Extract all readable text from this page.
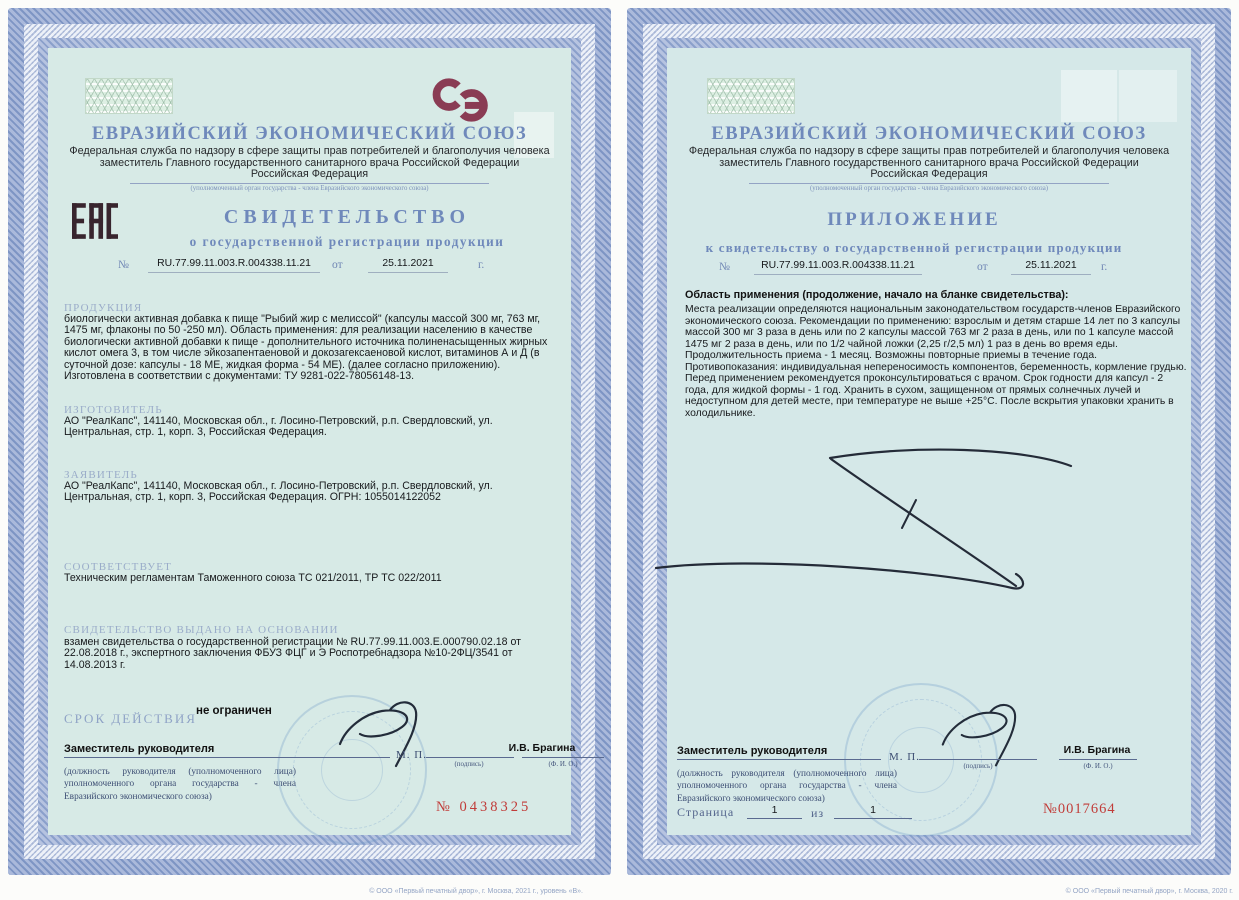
ЕВРАЗИЙСКИЙ ЭКОНОМИЧЕСКИЙ СОЮЗ
Федеральная служба по надзору в сфере защиты прав потребителей и благополучия человека
заместитель Главного государственного санитарного врача Российской Федерации
Российская Федерация
(уполномоченный орган государства - члена Евразийского экономического союза)
СВИДЕТЕЛЬСТВО
о государственной регистрации продукции
№	RU.77.99.11.003.R.004338.11.21	от	25.11.2021	г.
ПРОДУКЦИЯ
биологически активная добавка к пище "Рыбий жир с мелиссой" (капсулы массой 300 мг, 763 мг, 1475 мг, флаконы по 50 -250 мл). Область применения: для реализации населению в качестве биологически активной добавки к пище - дополнительного источника полиненасыщенных жирных кислот омега 3, в том числе эйкозапентаеновой и докозагексаеновой кислот, витаминов А и Д (в суточной дозе: капсулы - 18 МЕ, жидкая форма - 54 МЕ). (далее согласно приложению). Изготовлена в соответствии с документами: ТУ 9281-022-78056148-13.
ИЗГОТОВИТЕЛЬ
АО "РеалКапс", 141140, Московская обл., г. Лосино-Петровский, р.п. Свердловский, ул. Центральная, стр. 1, корп. 3, Российская Федерация.
ЗАЯВИТЕЛЬ
АО "РеалКапс", 141140, Московская обл., г. Лосино-Петровский, р.п. Свердловский, ул. Центральная, стр. 1, корп. 3, Российская Федерация. ОГРН: 1055014122052
СООТВЕТСТВУЕТ
Техническим регламентам Таможенного союза ТС 021/2011, ТР ТС 022/2011
СВИДЕТЕЛЬСТВО ВЫДАНО НА ОСНОВАНИИ
взамен свидетельства о государственной регистрации № RU.77.99.11.003.Е.000790.02.18 от 22.08.2018 г., экспертного заключения ФБУЗ ФЦГ и Э Роспотребнадзора №10-2ФЦ/3541 от 14.08.2013 г.
СРОК ДЕЙСТВИЯ не ограничен
Заместитель руководителя	М. П.
(подпись)
И.В. Брагина
(Ф. И. О.)
(должность руководителя (уполномоченного лица) уполномоченного органа государства - члена Евразийского экономического союза)
№ 0438325
© ООО «Первый печатный двор», г. Москва, 2021 г., уровень «В».
ЕВРАЗИЙСКИЙ ЭКОНОМИЧЕСКИЙ СОЮЗ
Федеральная служба по надзору в сфере защиты прав потребителей и благополучия человека
заместитель Главного государственного санитарного врача Российской Федерации
Российская Федерация
(уполномоченный орган государства - члена Евразийского экономического союза)
ПРИЛОЖЕНИЕ
к свидетельству о государственной регистрации продукции
№	RU.77.99.11.003.R.004338.11.21	от	25.11.2021	г.
Область применения (продолжение, начало на бланке свидетельства):
Места реализации определяются национальным законодательством государств-членов Евразийского экономического союза. Рекомендации по применению: взрослым и детям старше 14 лет по 3 капсулы массой 300 мг 3 раза в день или по 2 капсулы массой 763 мг 2 раза в день, или по 1 капсуле массой 1475 мг 2 раза в день, или по 1/2 чайной ложки (2,25 г/2,5 мл) 1 раз в день во время еды. Продолжительность приема - 1 месяц. Возможны повторные приемы в течение года. Противопоказания: индивидуальная непереносимость компонентов, беременность, кормление грудью. Перед применением рекомендуется проконсультироваться с врачом. Срок годности для капсул - 2 года, для жидкой формы - 1 год. Хранить в сухом, защищенном от прямых солнечных лучей и недоступном для детей месте, при температуре не выше +25°С. После вскрытия упаковки хранить в холодильнике.
Заместитель руководителя	М. П.
(подпись)
И.В. Брагина
(Ф. И. О.)
(должность руководителя (уполномоченного лица) уполномоченного органа государства - члена Евразийского экономического союза)
Страница	1	из	1	№0017664
© ООО «Первый печатный двор», г. Москва, 2020 г.
